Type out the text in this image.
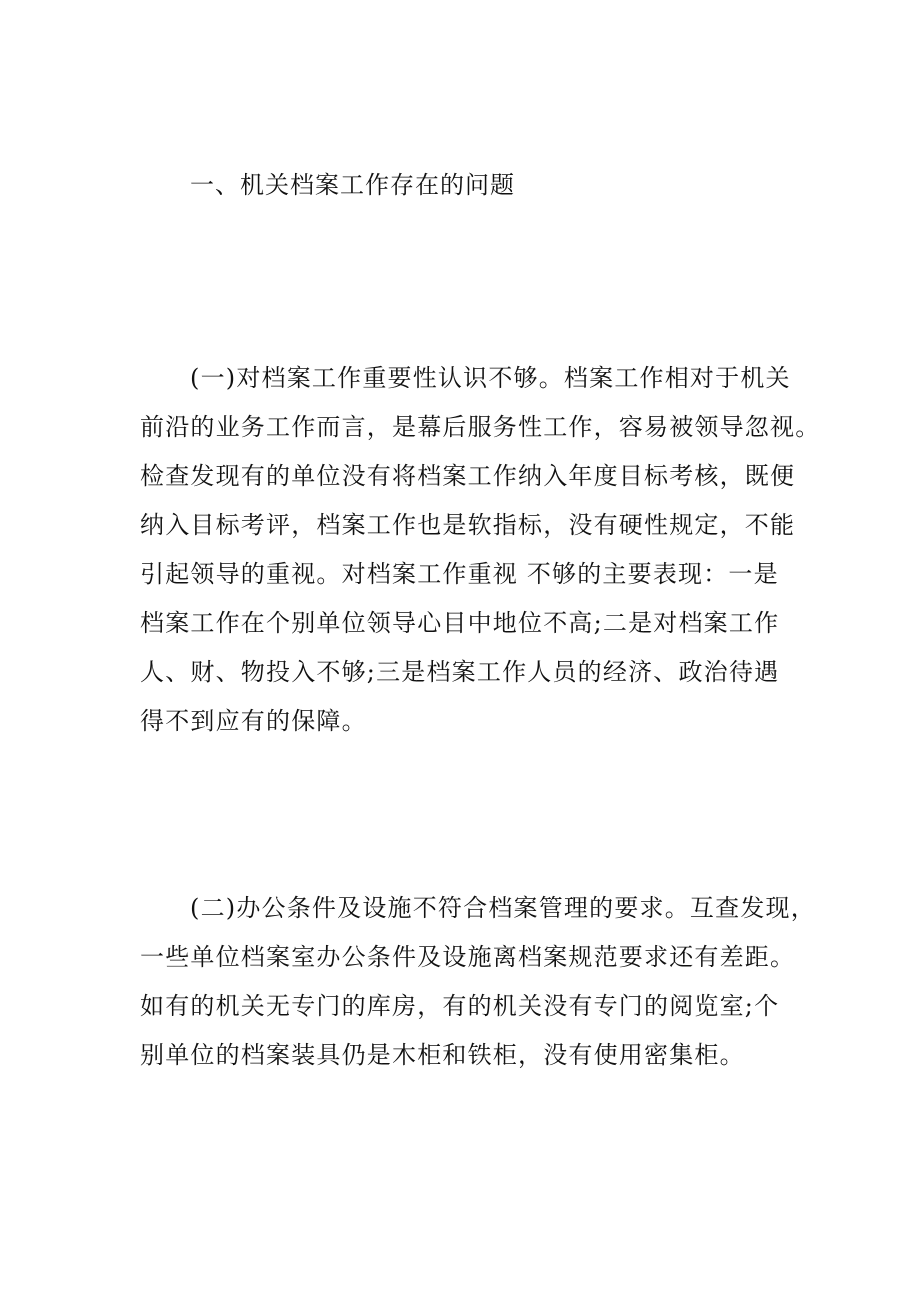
一、机关档案工作存在的问题
(一)对档案工作重要性认识不够。档案工作相对于机关
前沿的业务工作而言，是幕后服务性工作，容易被领导忽视。
检查发现有的单位没有将档案工作纳入年度目标考核，既便
纳入目标考评，档案工作也是软指标，没有硬性规定，不能
引起领导的重视。对档案工作重视 不够的主要表现：一是
档案工作在个别单位领导心目中地位不高;二是对档案工作
人、财、物投入不够;三是档案工作人员的经济、政治待遇
得不到应有的保障。
(二)办公条件及设施不符合档案管理的要求。互查发现，
一些单位档案室办公条件及设施离档案规范要求还有差距。
如有的机关无专门的库房，有的机关没有专门的阅览室;个
别单位的档案装具仍是木柜和铁柜，没有使用密集柜。
